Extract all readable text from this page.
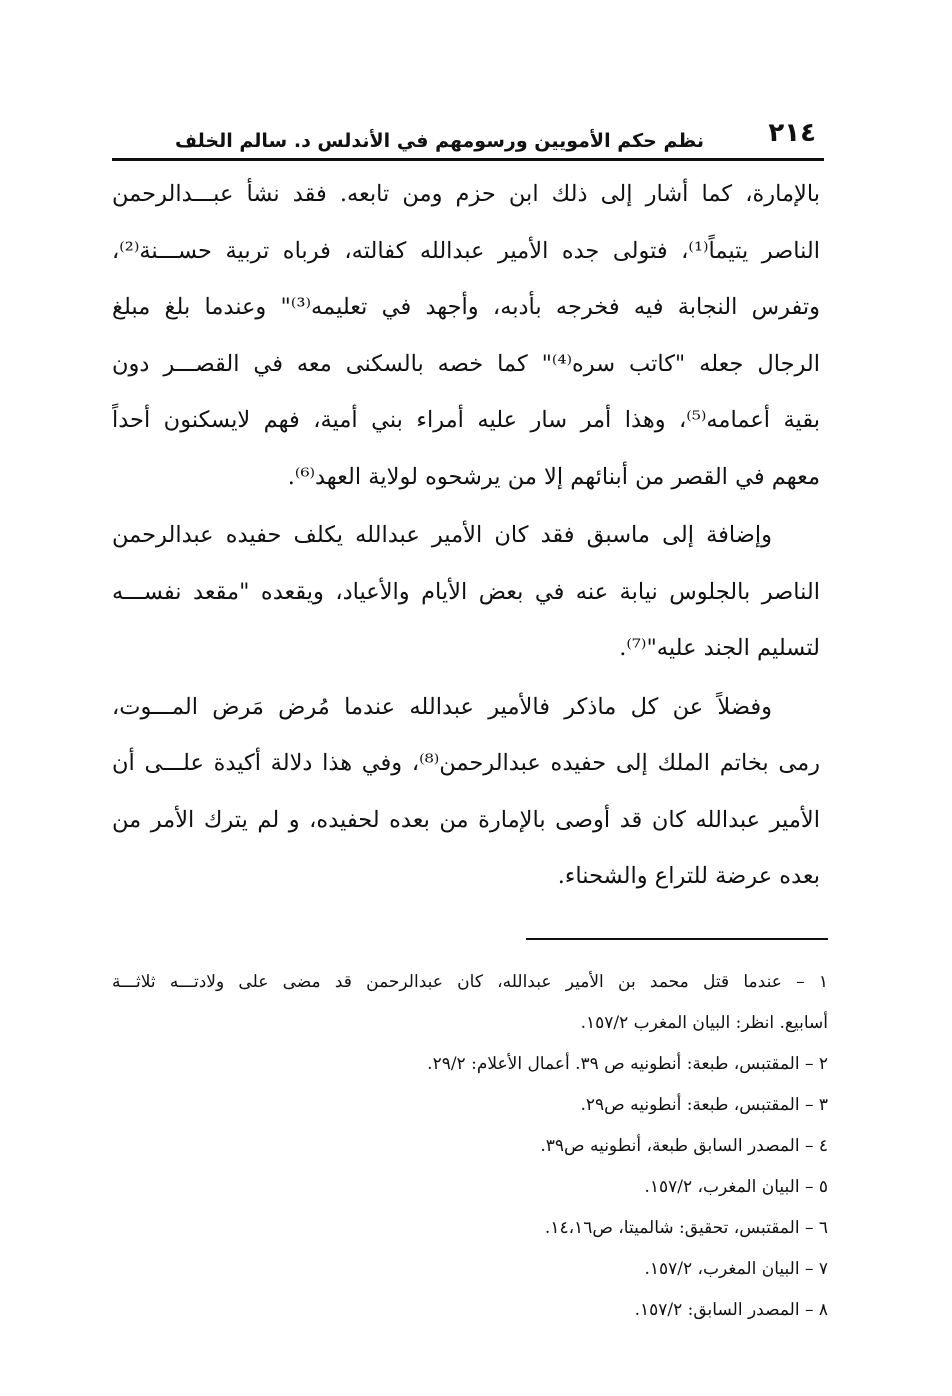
٢١٤
نظم حكم الأمويين ورسومهم في الأندلس د. سالم الخلف
بالإمارة، كما أشار إلى ذلك ابن حزم ومن تابعه. فقد نشأ عبـــدالرحمن
الناصر يتيماً⁽¹⁾، فتولى جده الأمير عبدالله كفالته، فرباه تربية حســـنة⁽²⁾،
وتفرس النجابة فيه فخرجه بأدبه، وأجهد في تعليمه⁽³⁾" وعندما بلغ مبلغ
الرجال جعله "كاتب سره⁽⁴⁾" كما خصه بالسكنى معه في القصـــر دون
بقية أعمامه⁽⁵⁾، وهذا أمر سار عليه أمراء بني أمية، فهم لايسكنون أحداً
معهم في القصر من أبنائهم إلا من يرشحوه لولاية العهد⁽⁶⁾.
وإضافة إلى ماسبق فقد كان الأمير عبدالله يكلف حفيده عبدالرحمن
الناصر بالجلوس نيابة عنه في بعض الأيام والأعياد، ويقعده "مقعد نفســـه
لتسليم الجند عليه"⁽⁷⁾.
وفضلاً عن كل ماذكر فالأمير عبدالله عندما مُرض مَرض المـــوت،
رمى بخاتم الملك إلى حفيده عبدالرحمن⁽⁸⁾، وفي هذا دلالة أكيدة علـــى أن
الأمير عبدالله كان قد أوصى بالإمارة من بعده لحفيده، و لم يترك الأمر من
بعده عرضة للتراع والشحناء.
١ – عندما قتل محمد بن الأمير عبدالله، كان عبدالرحمن قد مضى على ولادتـــه ثلاثـــة
أسابيع. انظر: البيان المغرب ١٥٧/٢.
٢ – المقتبس، طبعة: أنطونيه ص ٣٩. أعمال الأعلام: ٢٩/٢.
٣ – المقتبس، طبعة: أنطونيه ص٢٩.
٤ – المصدر السابق طبعة، أنطونيه ص٣٩.
٥ – البيان المغرب، ١٥٧/٢.
٦ – المقتبس، تحقيق: شالميتا، ص١٤،١٦.
٧ – البيان المغرب، ١٥٧/٢.
٨ – المصدر السابق: ١٥٧/٢.
